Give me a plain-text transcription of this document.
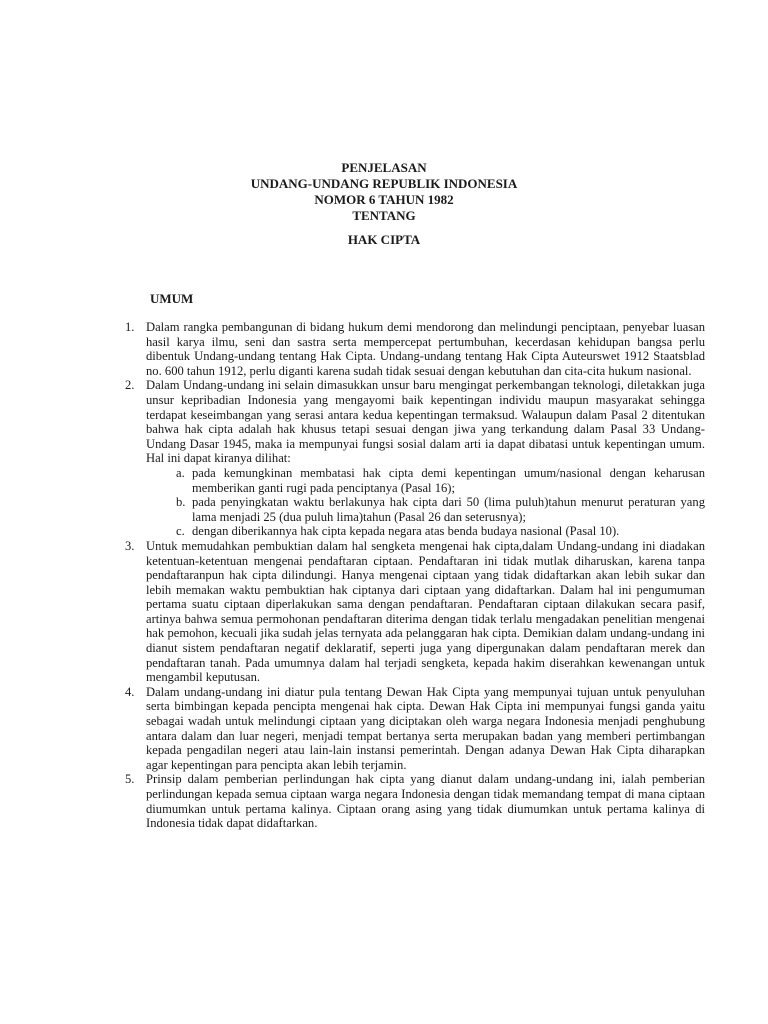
PENJELASAN
UNDANG-UNDANG REPUBLIK INDONESIA
NOMOR 6 TAHUN 1982
TENTANG
HAK CIPTA
UMUM
1. Dalam rangka pembangunan di bidang hukum demi mendorong dan melindungi penciptaan, penyebar luasan hasil karya ilmu, seni dan sastra serta mempercepat pertumbuhan, kecerdasan kehidupan bangsa perlu dibentuk Undang-undang tentang Hak Cipta. Undang-undang tentang Hak Cipta Auteurswet 1912 Staatsblad no. 600 tahun 1912, perlu diganti karena sudah tidak sesuai dengan kebutuhan dan cita-cita hukum nasional.

2. Dalam Undang-undang ini selain dimasukkan unsur baru mengingat perkembangan teknologi, diletakkan juga unsur kepribadian Indonesia yang mengayomi baik kepentingan individu maupun masyarakat sehingga terdapat keseimbangan yang serasi antara kedua kepentingan termaksud. Walaupun dalam Pasal 2 ditentukan bahwa hak cipta adalah hak khusus tetapi sesuai dengan jiwa yang terkandung dalam Pasal 33 Undang-Undang Dasar 1945, maka ia mempunyai fungsi sosial dalam arti ia dapat dibatasi untuk kepentingan umum. Hal ini dapat kiranya dilihat:

a. pada kemungkinan membatasi hak cipta demi kepentingan umum/nasional dengan keharusan memberikan ganti rugi pada penciptanya (Pasal 16);

b. pada penyingkatan waktu berlakunya hak cipta dari 50 (lima puluh)tahun menurut peraturan yang lama menjadi 25 (dua puluh lima)tahun (Pasal 26 dan seterusnya);

c. dengan diberikannya hak cipta kepada negara atas benda budaya nasional (Pasal 10).

3. Untuk memudahkan pembuktian dalam hal sengketa mengenai hak cipta,dalam Undang-undang ini diadakan ketentuan-ketentuan mengenai pendaftaran ciptaan. Pendaftaran ini tidak mutlak diharuskan, karena tanpa pendaftaranpun hak cipta dilindungi. Hanya mengenai ciptaan yang tidak didaftarkan akan lebih sukar dan lebih memakan waktu pembuktian hak ciptanya dari ciptaan yang didaftarkan. Dalam hal ini pengumuman pertama suatu ciptaan diperlakukan sama dengan pendaftaran. Pendaftaran ciptaan dilakukan secara pasif, artinya bahwa semua permohonan pendaftaran diterima dengan tidak terlalu mengadakan penelitian mengenai hak pemohon, kecuali jika sudah jelas ternyata ada pelanggaran hak cipta. Demikian dalam undang-undang ini dianut sistem pendaftaran negatif deklaratif, seperti juga yang dipergunakan dalam pendaftaran merek dan pendaftaran tanah. Pada umumnya dalam hal terjadi sengketa, kepada hakim diserahkan kewenangan untuk mengambil keputusan.

4. Dalam undang-undang ini diatur pula tentang Dewan Hak Cipta yang mempunyai tujuan untuk penyuluhan serta bimbingan kepada pencipta mengenai hak cipta. Dewan Hak Cipta ini mempunyai fungsi ganda yaitu sebagai wadah untuk melindungi ciptaan yang diciptakan oleh warga negara Indonesia menjadi penghubung antara dalam dan luar negeri, menjadi tempat bertanya serta merupakan badan yang memberi pertimbangan kepada pengadilan negeri atau lain-lain instansi pemerintah. Dengan adanya Dewan Hak Cipta diharapkan agar kepentingan para pencipta akan lebih terjamin.

5. Prinsip dalam pemberian perlindungan hak cipta yang dianut dalam undang-undang ini, ialah pemberian perlindungan kepada semua ciptaan warga negara Indonesia dengan tidak memandang tempat di mana ciptaan diumumkan untuk pertama kalinya. Ciptaan orang asing yang tidak diumumkan untuk pertama kalinya di Indonesia tidak dapat didaftarkan.
